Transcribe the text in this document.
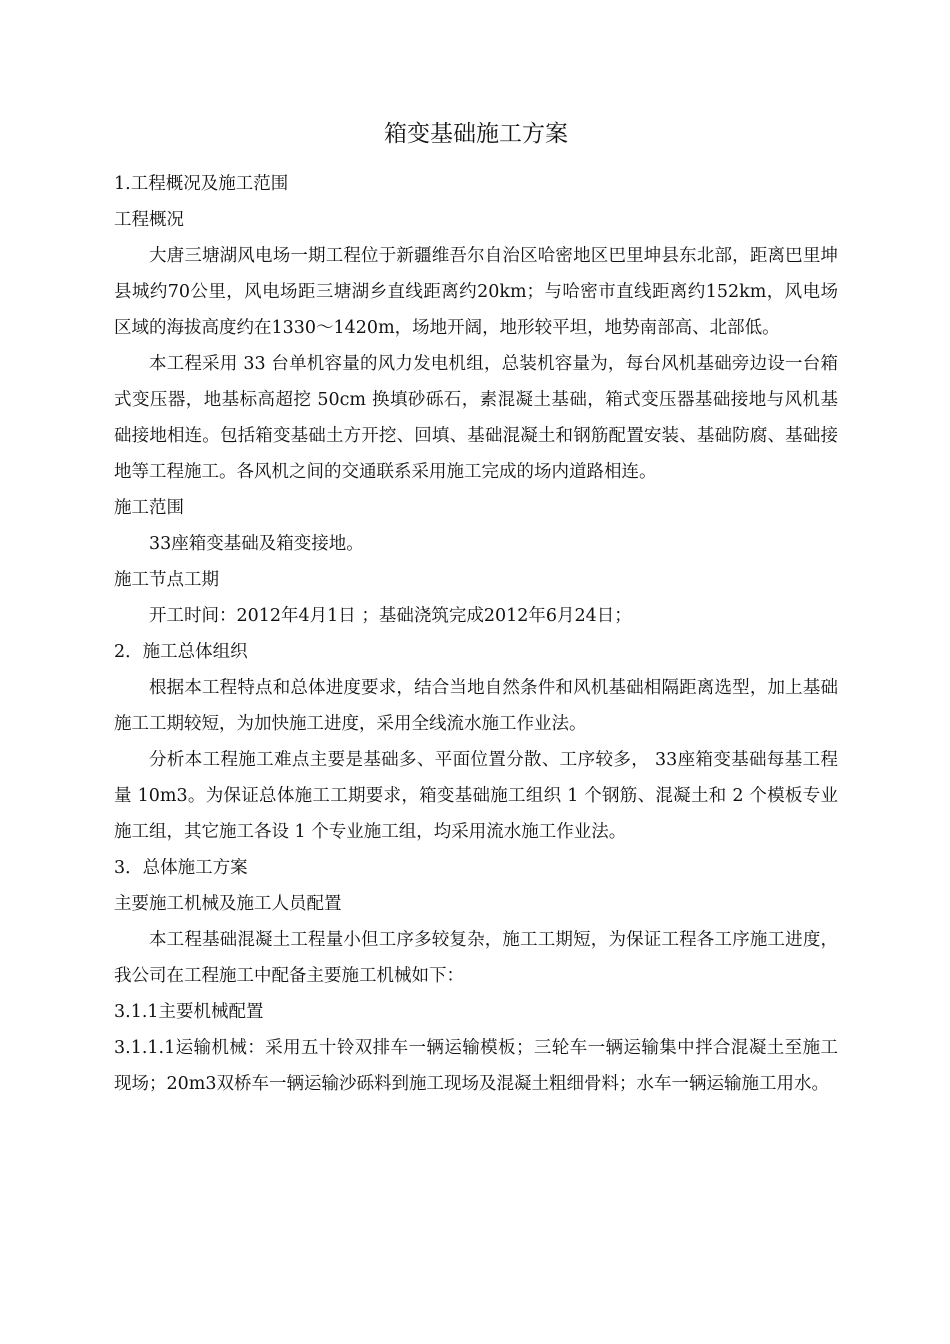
箱变基础施工方案

1.工程概况及施工范围

工程概况

大唐三塘湖风电场一期工程位于新疆维吾尔自治区哈密地区巴里坤县东北部，距离巴里坤县城约70公里，风电场距三塘湖乡直线距离约20km；与哈密市直线距离约152km，风电场区域的海拔高度约在1330～1420m，场地开阔，地形较平坦，地势南部高、北部低。

本工程采用 33 台单机容量的风力发电机组，总装机容量为，每台风机基础旁边设一台箱式变压器，地基标高超挖 50cm 换填砂砾石，素混凝土基础，箱式变压器基础接地与风机基础接地相连。包括箱变基础土方开挖、回填、基础混凝土和钢筋配置安装、基础防腐、基础接地等工程施工。各风机之间的交通联系采用施工完成的场内道路相连。

施工范围

33座箱变基础及箱变接地。

施工节点工期

开工时间：2012年4月1日 ；基础浇筑完成2012年6月24日；

2．施工总体组织

根据本工程特点和总体进度要求，结合当地自然条件和风机基础相隔距离选型，加上基础施工工期较短，为加快施工进度，采用全线流水施工作业法。

分析本工程施工难点主要是基础多、平面位置分散、工序较多， 33座箱变基础每基工程量 10m3。为保证总体施工工期要求，箱变基础施工组织 1 个钢筋、混凝土和 2 个模板专业施工组，其它施工各设 1 个专业施工组，均采用流水施工作业法。

3．总体施工方案

主要施工机械及施工人员配置

本工程基础混凝土工程量小但工序多较复杂，施工工期短，为保证工程各工序施工进度，我公司在工程施工中配备主要施工机械如下：

3.1.1主要机械配置

3.1.1.1运输机械：采用五十铃双排车一辆运输模板；三轮车一辆运输集中拌合混凝土至施工现场；20m3双桥车一辆运输沙砾料到施工现场及混凝土粗细骨料；水车一辆运输施工用水。
